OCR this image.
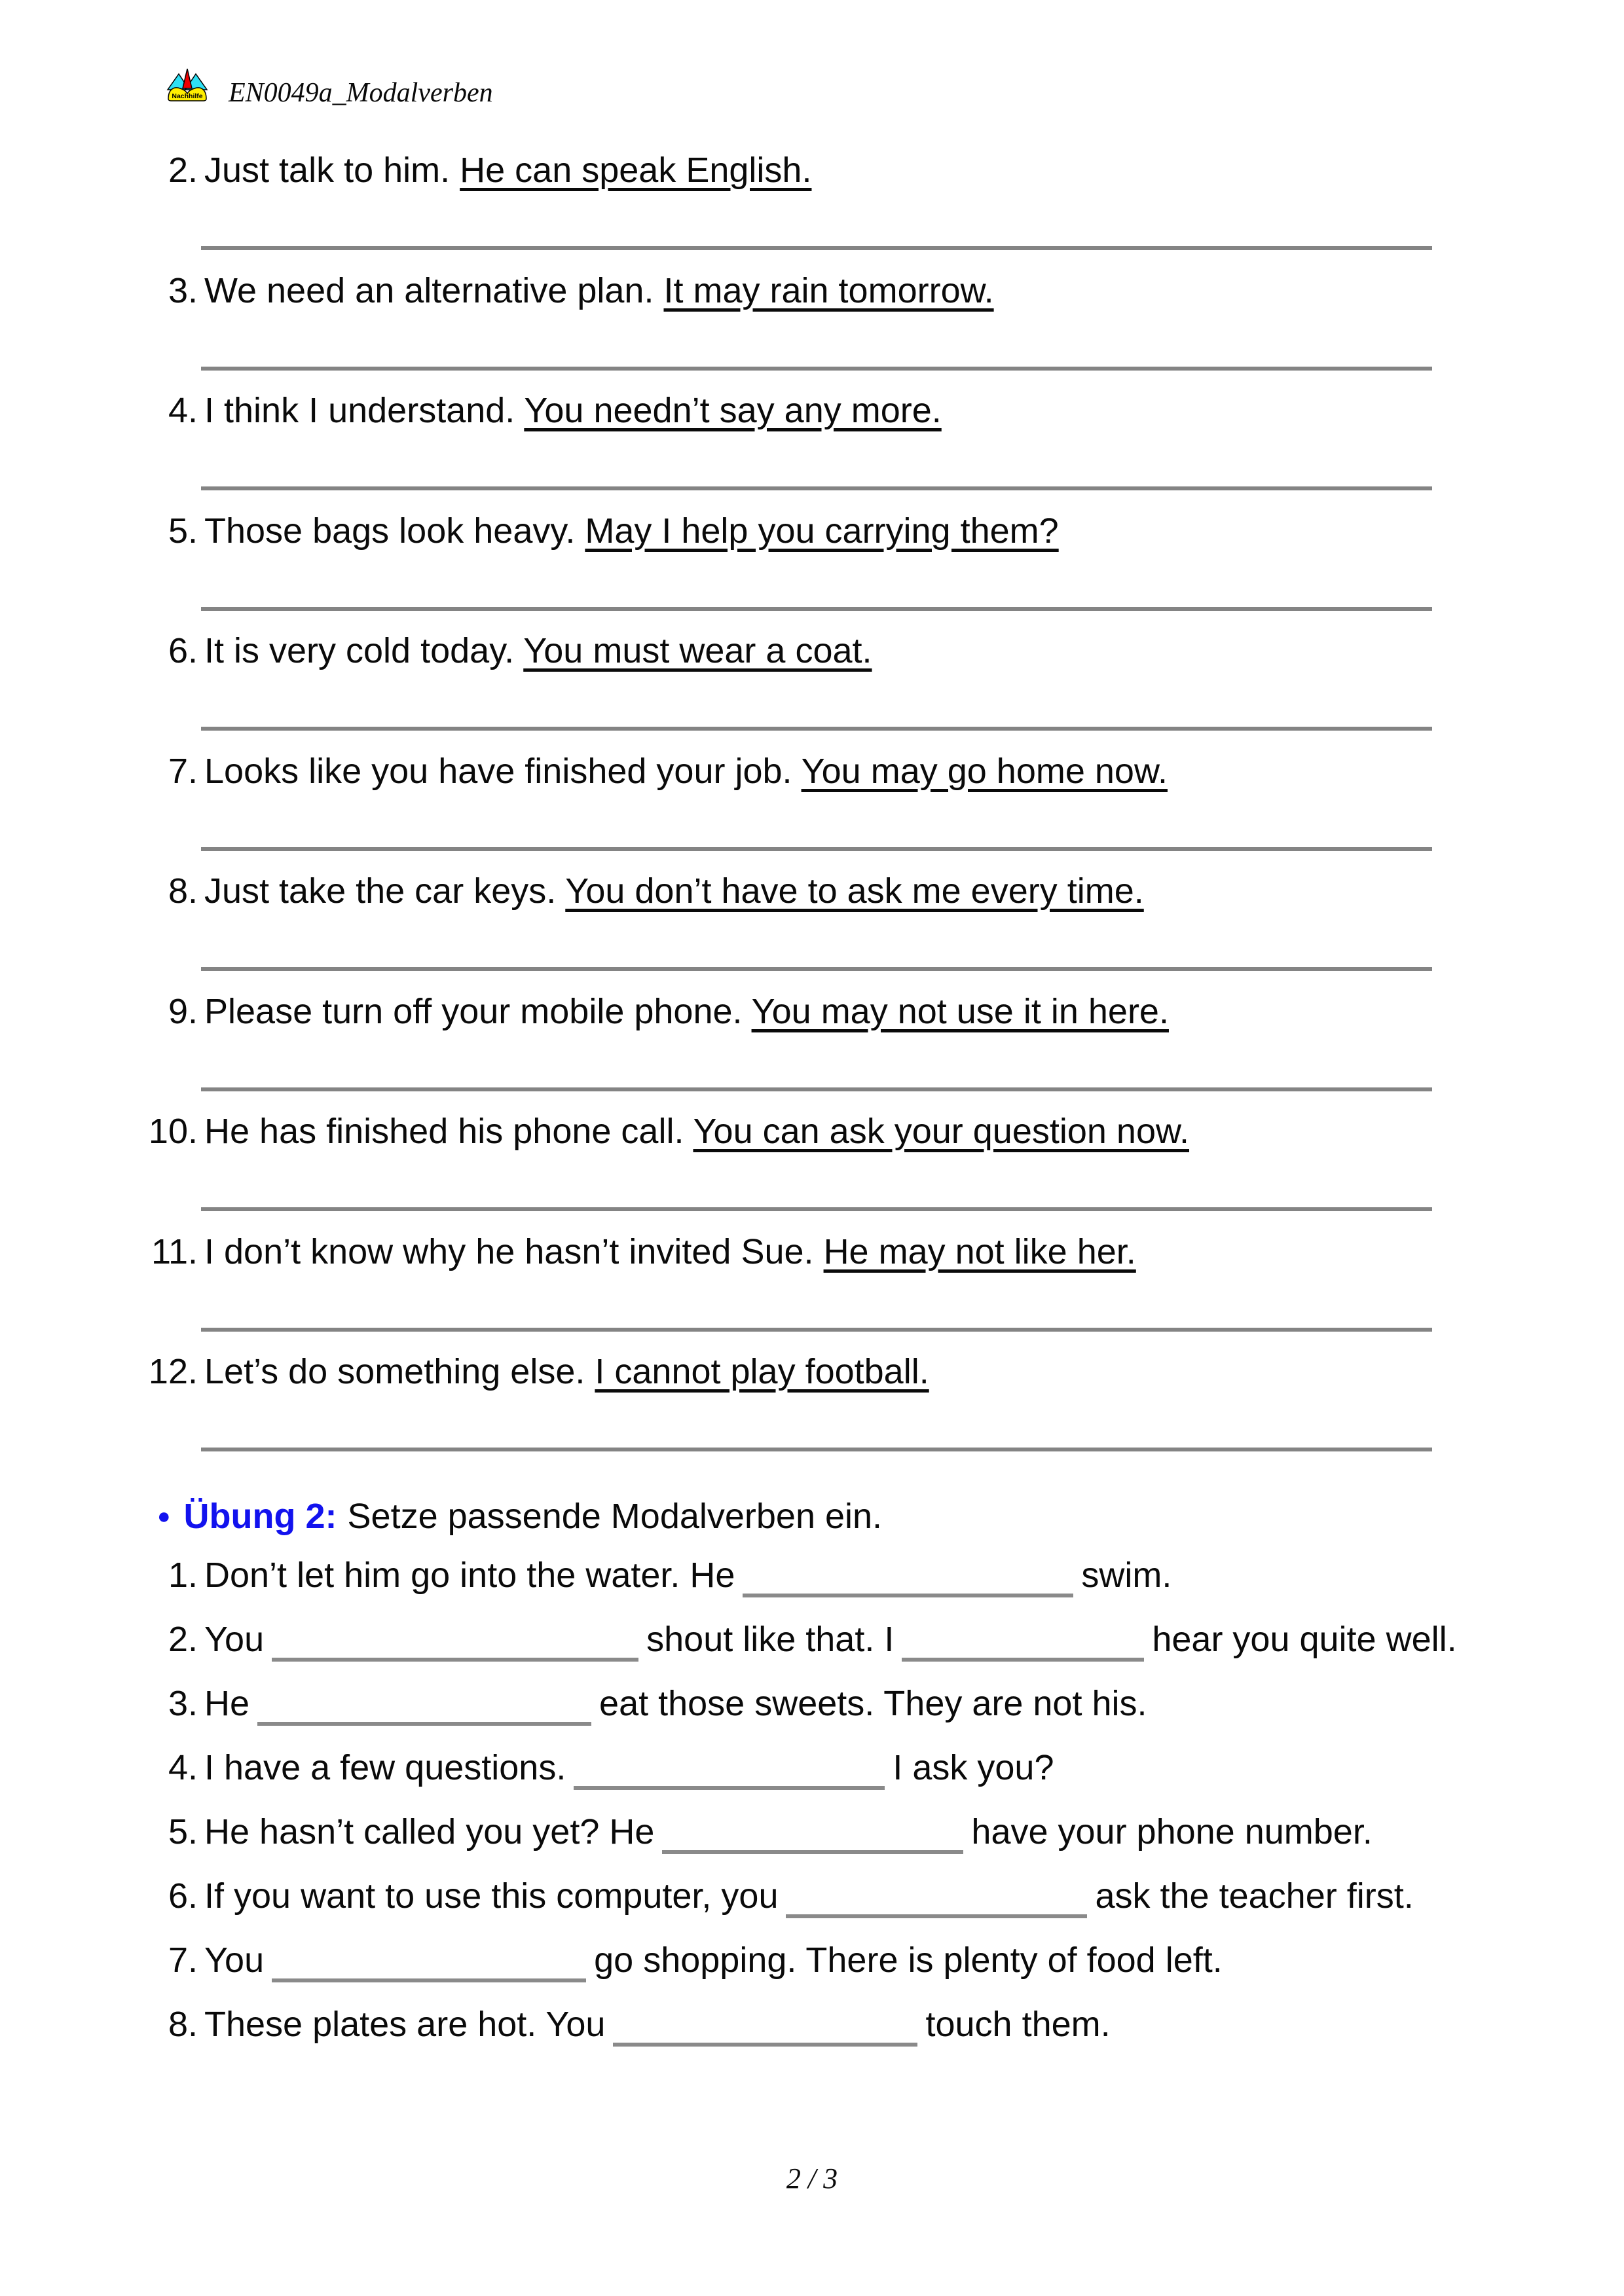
Nachhilfe EN0049a_Modalverben
2. Just talk to him. He can speak English.
3. We need an alternative plan. It may rain tomorrow.
4. I think I understand. You needn’t say any more.
5. Those bags look heavy. May I help you carrying them?
6. It is very cold today. You must wear a coat.
7. Looks like you have finished your job. You may go home now.
8. Just take the car keys. You don’t have to ask me every time.
9. Please turn off your mobile phone. You may not use it in here.
10. He has finished his phone call. You can ask your question now.
11. I don’t know why he hasn’t invited Sue. He may not like her.
12. Let’s do something else. I cannot play football.
● Übung 2: Setze passende Modalverben ein.
1. Don’t let him go into the water. He	swim.
2. You	shout like that. I	hear you quite well.
3. He	eat those sweets. They are not his.
4. I have a few questions.	I ask you?
5. He hasn’t called you yet? He	have your phone number.
6. If you want to use this computer, you	ask the teacher first.
7. You	go shopping. There is plenty of food left.
8. These plates are hot. You	touch them.
2 / 3
